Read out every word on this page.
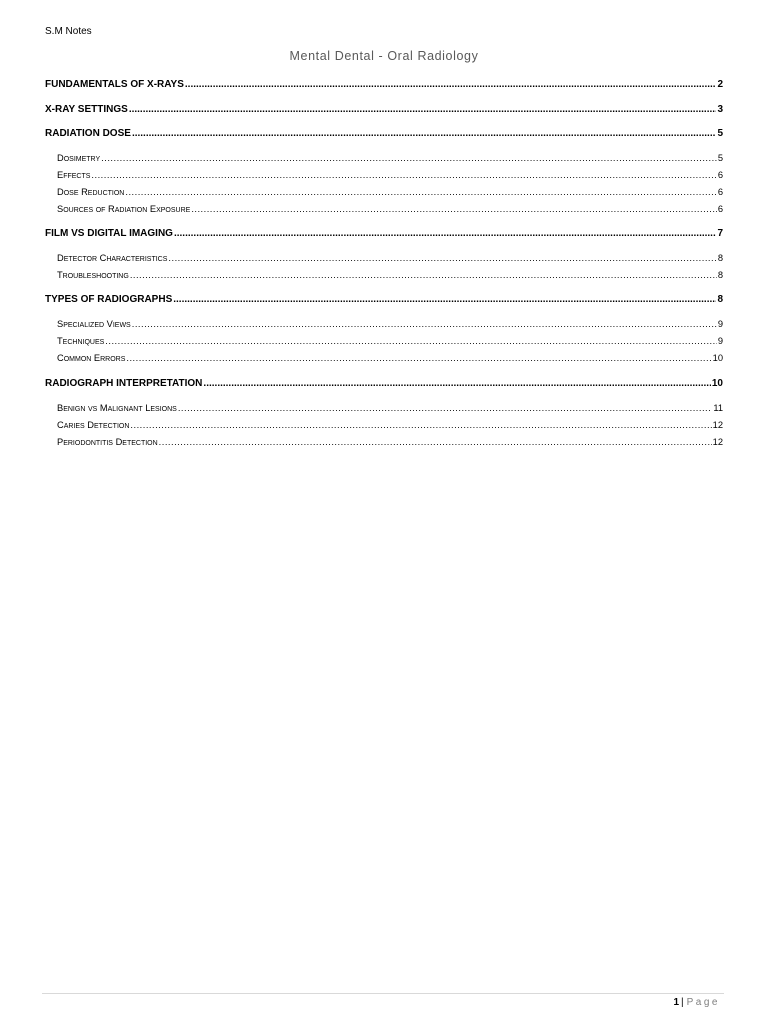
S.M Notes
Mental Dental - Oral Radiology
FUNDAMENTALS OF X-RAYS .....	2
X-RAY SETTINGS .....	3
RADIATION DOSE .....	5
Dosimetry .....	5
Effects .....	6
Dose Reduction .....	6
Sources of Radiation Exposure .....	6
FILM VS DIGITAL IMAGING .....	7
Detector Characteristics .....	8
Troubleshooting .....	8
TYPES OF RADIOGRAPHS .....	8
Specialized Views .....	9
Techniques .....	9
Common Errors .....	10
RADIOGRAPH INTERPRETATION .....	10
Benign vs Malignant Lesions .....	11
Caries Detection .....	12
Periodontitis Detection .....	12
1 | Page
